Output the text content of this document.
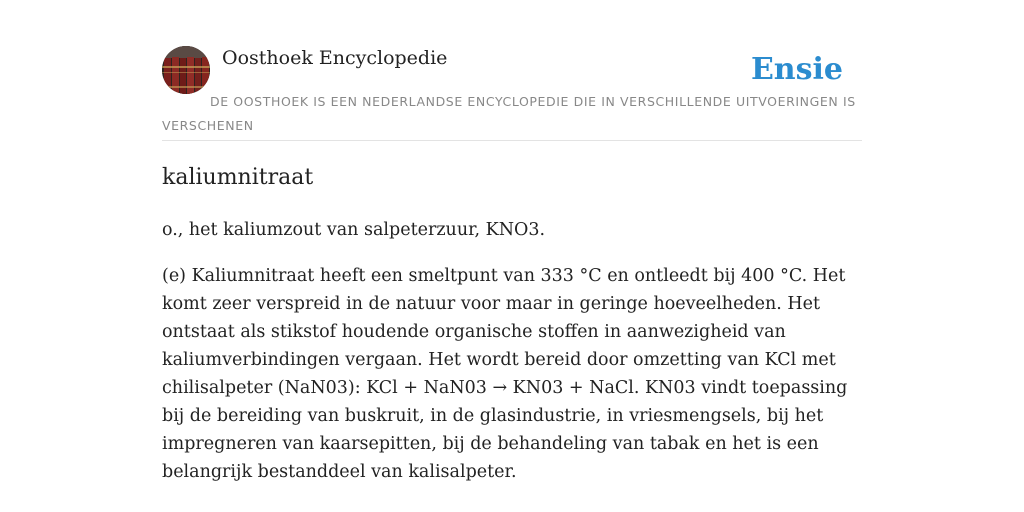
Oosthoek Encyclopedie	Ensie
DE OOSTHOEK IS EEN NEDERLANDSE ENCYCLOPEDIE DIE IN VERSCHILLENDE UITVOERINGEN IS VERSCHENEN
kaliumnitraat

o., het kaliumzout van salpeterzuur, KNO3.

(e) Kaliumnitraat heeft een smeltpunt van 333 °C en ontleedt bij 400 °C. Het komt zeer verspreid in de natuur voor maar in geringe hoeveelheden. Het ontstaat als stikstof houdende organische stoffen in aanwezigheid van kaliumverbindingen vergaan. Het wordt bereid door omzetting van KCl met chilisalpeter (NaN03): KCl + NaN03 → KN03 + NaCl. KN03 vindt toepassing bij de bereiding van buskruit, in de glasindustrie, in vriesmengsels, bij het impregneren van kaarsepitten, bij de behandeling van tabak en het is een belangrijk bestanddeel van kalisalpeter.
